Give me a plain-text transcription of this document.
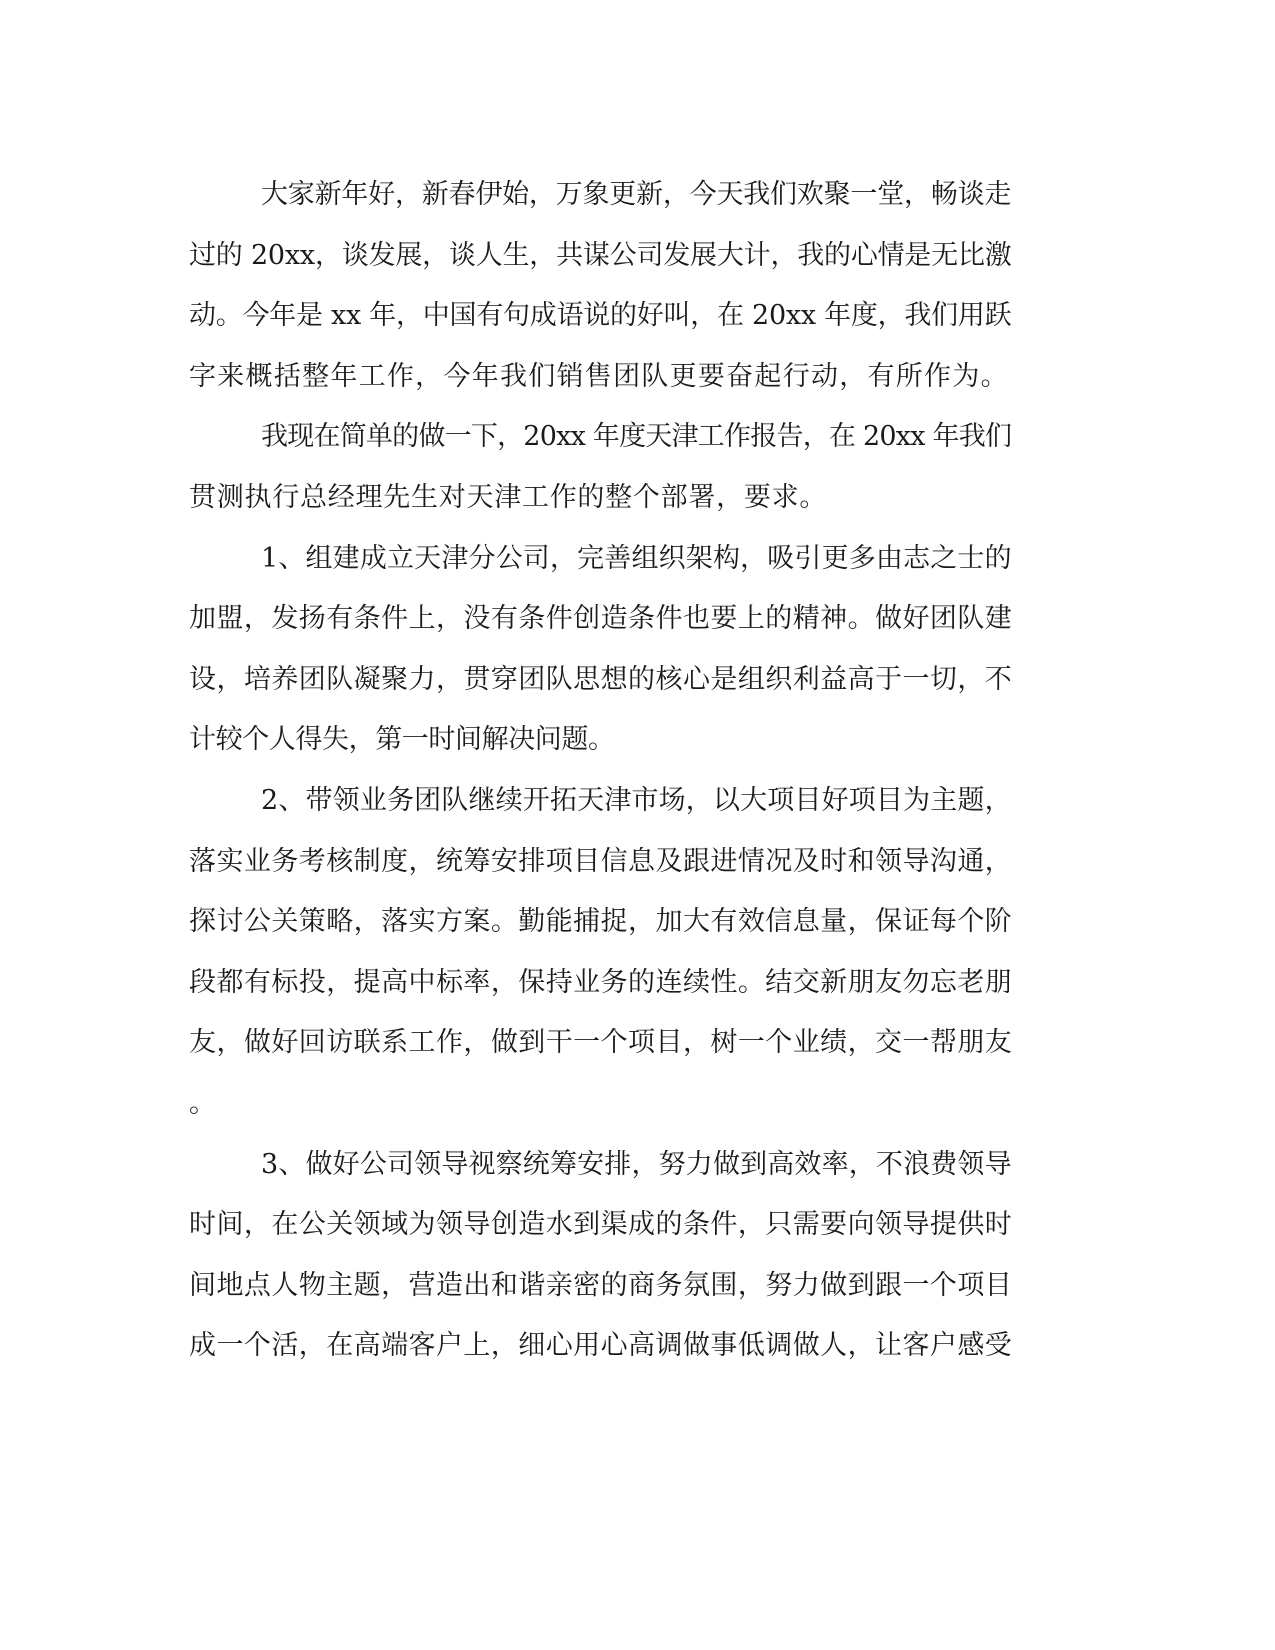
大家新年好，新春伊始，万象更新，今天我们欢聚一堂，畅谈走
过的 20xx，谈发展，谈人生，共谋公司发展大计，我的心情是无比激
动。今年是 xx 年，中国有句成语说的好叫，在 20xx 年度，我们用跃
字来概括整年工作，今年我们销售团队更要奋起行动，有所作为。
我现在简单的做一下，20xx 年度天津工作报告，在 20xx 年我们
贯测执行总经理先生对天津工作的整个部署，要求。
1、组建成立天津分公司，完善组织架构，吸引更多由志之士的
加盟，发扬有条件上，没有条件创造条件也要上的精神。做好团队建
设，培养团队凝聚力，贯穿团队思想的核心是组织利益高于一切，不
计较个人得失，第一时间解决问题。
2、带领业务团队继续开拓天津市场，以大项目好项目为主题，
落实业务考核制度，统筹安排项目信息及跟进情况及时和领导沟通，
探讨公关策略，落实方案。勤能捕捉，加大有效信息量，保证每个阶
段都有标投，提高中标率，保持业务的连续性。结交新朋友勿忘老朋
友，做好回访联系工作，做到干一个项目，树一个业绩，交一帮朋友
。
3、做好公司领导视察统筹安排，努力做到高效率，不浪费领导
时间，在公关领域为领导创造水到渠成的条件，只需要向领导提供时
间地点人物主题，营造出和谐亲密的商务氛围，努力做到跟一个项目
成一个活，在高端客户上，细心用心高调做事低调做人，让客户感受
